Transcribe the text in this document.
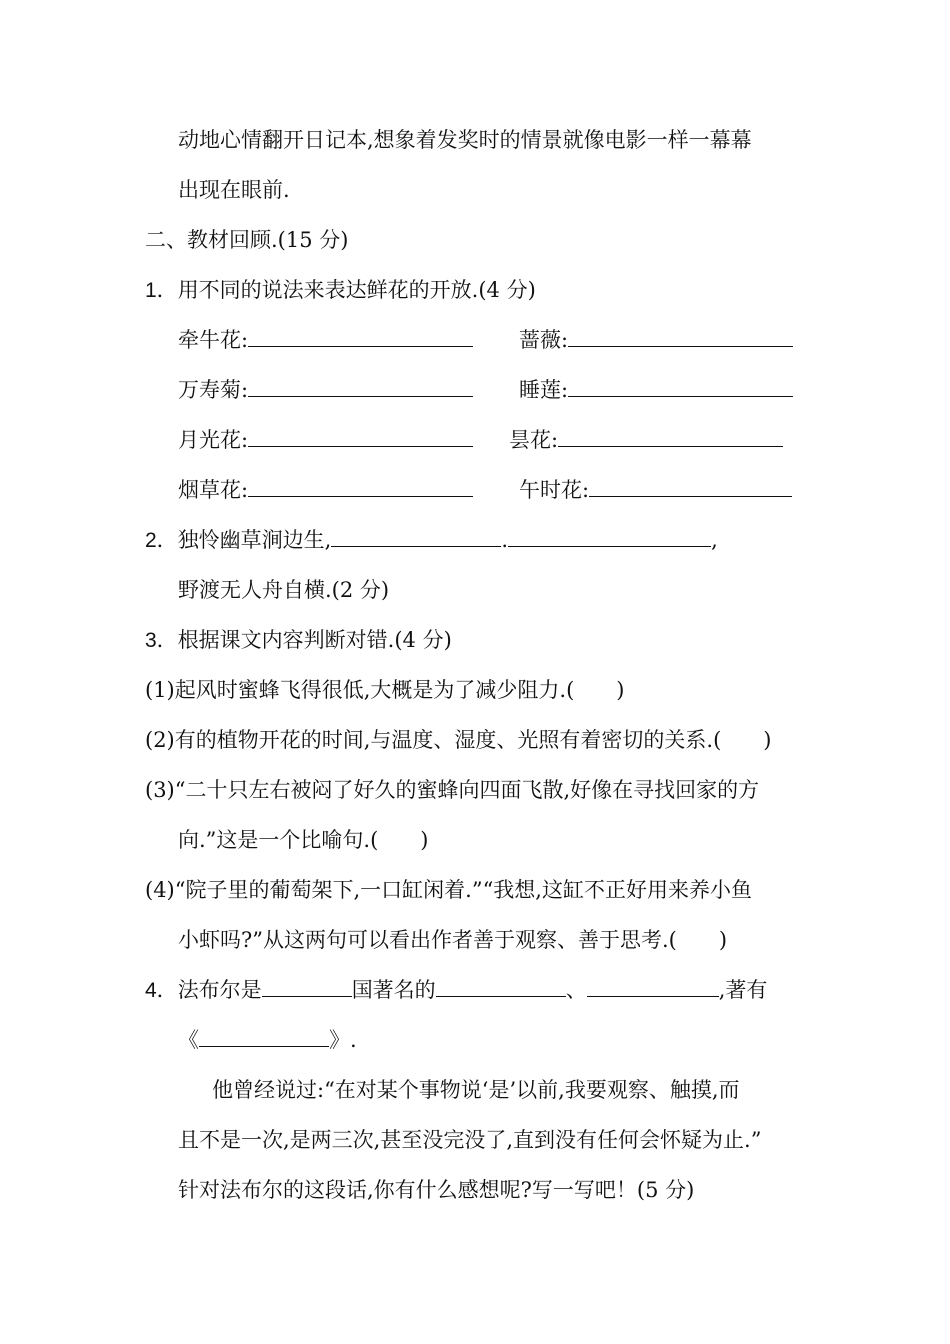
动地心情翻开日记本,想象着发奖时的情景就像电影一样一幕幕
出现在眼前.
二、教材回顾.(15 分)
1．用不同的说法来表达鲜花的开放.(4 分)
牵牛花:	蔷薇:
万寿菊:	睡莲:
月光花:	昙花:
烟草花:	午时花:
2．独怜幽草涧边生,	.	,
野渡无人舟自横.(2 分)
3．根据课文内容判断对错.(4 分)
(1)起风时蜜蜂飞得很低,大概是为了减少阻力.(　　)
(2)有的植物开花的时间,与温度、湿度、光照有着密切的关系.(　　)
(3)“二十只左右被闷了好久的蜜蜂向四面飞散,好像在寻找回家的方
向.”这是一个比喻句.(　　)
(4)“院子里的葡萄架下,一口缸闲着.”“我想,这缸不正好用来养小鱼
小虾吗?”从这两句可以看出作者善于观察、善于思考.(　　)
4．法布尔是	国著名的	、	,著有
《	》.
他曾经说过:“在对某个事物说‘是’以前,我要观察、触摸,而
且不是一次,是两三次,甚至没完没了,直到没有任何会怀疑为止.”
针对法布尔的这段话,你有什么感想呢?写一写吧！(5 分)
